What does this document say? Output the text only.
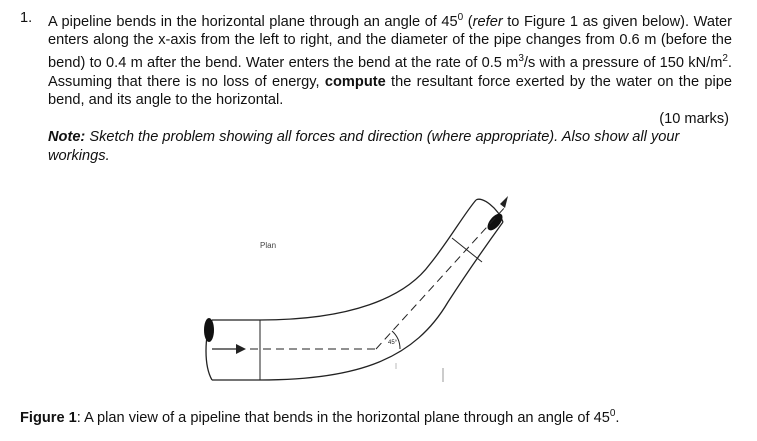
1. A pipeline bends in the horizontal plane through an angle of $45^0$ (refer to Figure 1 as given below). Water enters along the x-axis from the left to right, and the diameter of the pipe changes from 0.6 m (before the bend) to 0.4 m after the bend. Water enters the bend at the rate of 0.5 $m^3/s$ with a pressure of 150 $kN/m^2$. Assuming that there is no loss of energy, compute the resultant force exerted by the water on the pipe bend, and its angle to the horizontal.
(10 marks)
Note: Sketch the problem showing all forces and direction (where appropriate). Also show all your workings.
45°
Plan
Figure 1: A plan view of a pipeline that bends in the horizontal plane through an angle of $45^0$.
